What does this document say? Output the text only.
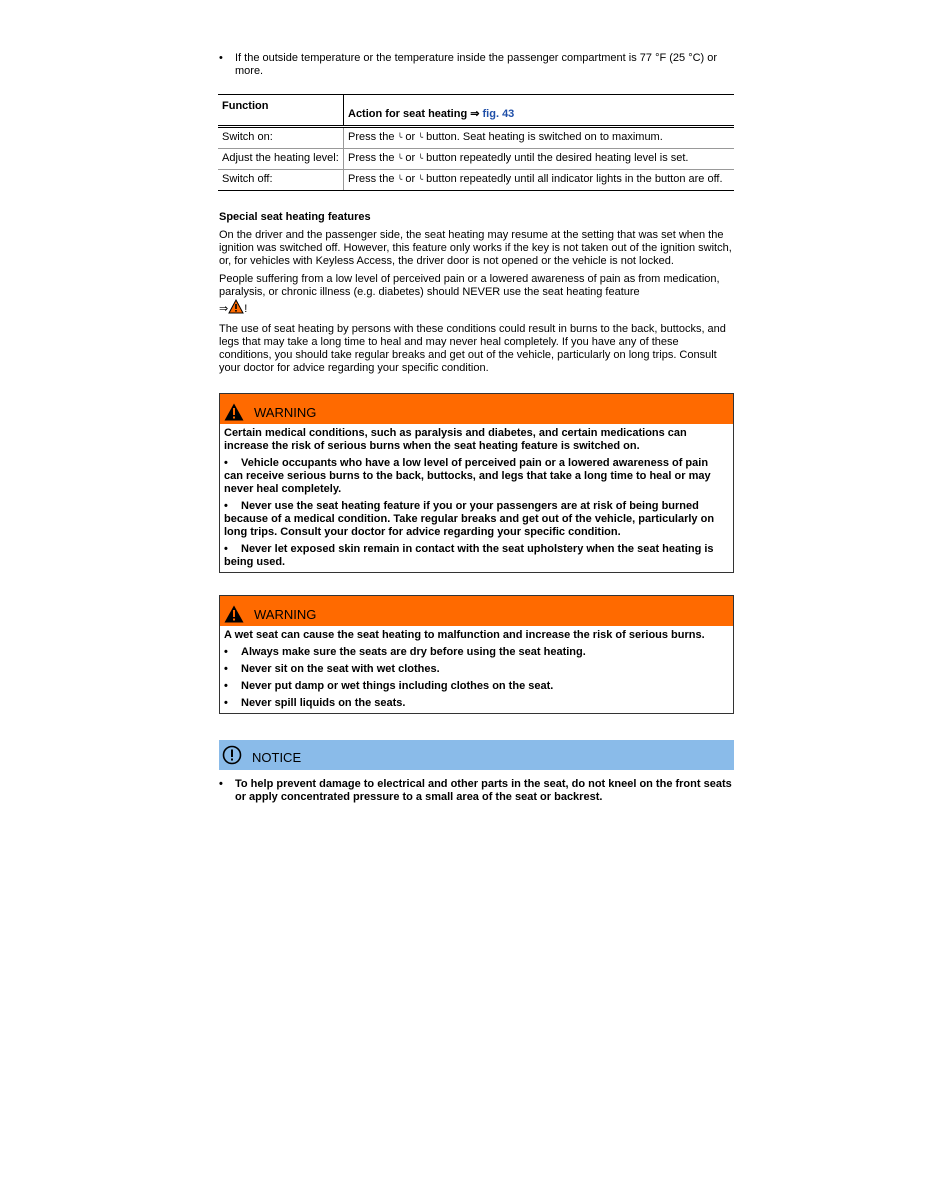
•	If the outside temperature or the temperature inside the passenger compartment is 77 °F (25 °C) or more.
Function	Action for seat heating ⇒ fig. 43
Switch on:	Press the ╰ or ╰ button. Seat heating is switched on to maximum.
Adjust the heating level:	Press the ╰ or ╰ button repeatedly until the desired heating level is set.
Switch off:	Press the ╰ or ╰ button repeatedly until all indicator lights in the button are off.
Special seat heating features

On the driver and the passenger side, the seat heating may resume at the setting that was set when the ignition was switched off. However, this feature only works if the key is not taken out of the ignition switch, or, for vehicles with Keyless Access, the driver door is not opened or the vehicle is not locked.

People suffering from a low level of perceived pain or a lowered awareness of pain as from medication, paralysis, or chronic illness (e.g. diabetes) should NEVER use the seat heating feature
⇒ !

The use of seat heating by persons with these conditions could result in burns to the back, buttocks, and legs that may take a long time to heal and may never heal completely. If you have any of these conditions, you should take regular breaks and get out of the vehicle, particularly on long trips. Consult your doctor for advice regarding your specific condition.

WARNING
Certain medical conditions, such as paralysis and diabetes, and certain medications can increase the risk of serious burns when the seat heating feature is switched on.
• Vehicle occupants who have a low level of perceived pain or a lowered awareness of pain can receive serious burns to the back, buttocks, and legs that take a long time to heal or may never heal completely.
• Never use the seat heating feature if you or your passengers are at risk of being burned because of a medical condition. Take regular breaks and get out of the vehicle, particularly on long trips. Consult your doctor for advice regarding your specific condition.
• Never let exposed skin remain in contact with the seat upholstery when the seat heating is being used.
WARNING
A wet seat can cause the seat heating to malfunction and increase the risk of serious burns.
• Always make sure the seats are dry before using the seat heating.
• Never sit on the seat with wet clothes.
• Never put damp or wet things including clothes on the seat.
• Never spill liquids on the seats.
NOTICE
•	To help prevent damage to electrical and other parts in the seat, do not kneel on the front seats or apply concentrated pressure to a small area of the seat or backrest.
